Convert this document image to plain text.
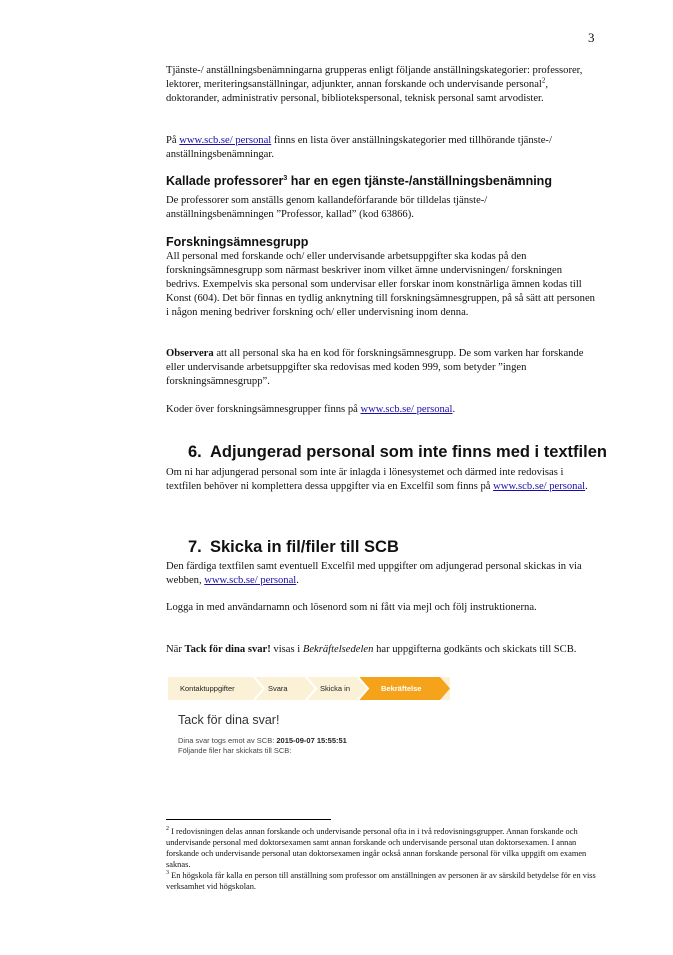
3

Tjänste-/ anställningsbenämningarna grupperas enligt följande anställningskategorier: professorer, lektorer, meriteringsanställningar, adjunkter, annan forskande och undervisande personal$^2$, doktorander, administrativ personal, bibliotekspersonal, teknisk personal samt arvodister.

På www.scb.se/ personal finns en lista över anställningskategorier med tillhörande tjänste-/ anställningsbenämningar.

Kallade professorer$^3$ har en egen tjänste-/anställningsbenämning

De professorer som anställs genom kallandeförfarande bör tilldelas tjänste-/ anställningsbenämningen ”Professor, kallad” (kod 63866).

Forskningsämnesgrupp

All personal med forskande och/ eller undervisande arbetsuppgifter ska kodas på den forskningsämnesgrupp som närmast beskriver inom vilket ämne undervisningen/ forskningen bedrivs. Exempelvis ska personal som undervisar eller forskar inom konstnärliga ämnen kodas till Konst (604). Det bör finnas en tydlig anknytning till forskningsämnesgruppen, på så sätt att personen i någon mening bedriver forskning och/ eller undervisning inom denna.

Observera att all personal ska ha en kod för forskningsämnesgrupp. De som varken har forskande eller undervisande arbetsuppgifter ska redovisas med koden 999, som betyder ”ingen forskningsämnesgrupp”.

Koder över forskningsämnesgrupper finns på www.scb.se/ personal.

6. Adjungerad personal som inte finns med i textfilen

Om ni har adjungerad personal som inte är inlagda i lönesystemet och därmed inte redovisas i textfilen behöver ni komplettera dessa uppgifter via en Excelfil som finns på www.scb.se/ personal.

7. Skicka in fil/filer till SCB

Den färdiga textfilen samt eventuell Excelfil med uppgifter om adjungerad personal skickas in via webben, www.scb.se/ personal.

Logga in med användarnamn och lösenord som ni fått via mejl och följ instruktionerna.

När Tack för dina svar! visas i Bekräftelsedelen har uppgifterna godkänts och skickats till SCB.

Kontaktuppgifter	Svara	Skicka in	Bekräftelse

Tack för dina svar!

Dina svar togs emot av SCB: 2015-09-07 15:55:51

Följande filer har skickats till SCB:

$^2$ I redovisningen delas annan forskande och undervisande personal ofta in i två redovisningsgrupper. Annan forskande och undervisande personal med doktorsexamen samt annan forskande och undervisande personal utan doktorsexamen. I annan forskande och undervisande personal utan doktorsexamen ingår också annan forskande personal för vilka uppgift om examen saknas.
$^3$ En högskola får kalla en person till anställning som professor om anställningen av personen är av särskild betydelse för en viss verksamhet vid högskolan.
